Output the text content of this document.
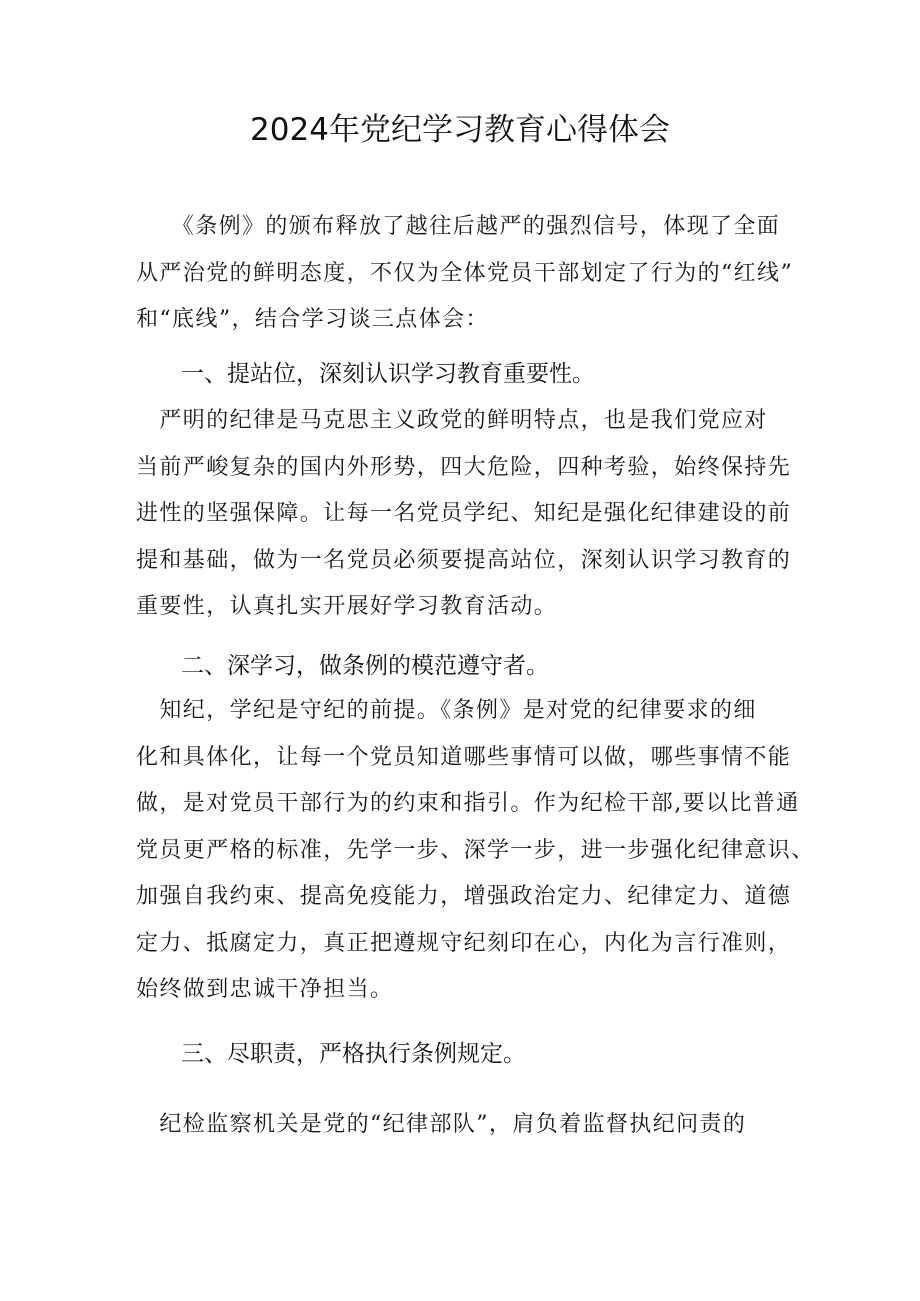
2024年党纪学习教育心得体会
　　《条例》的颁布释放了越往后越严的强烈信号，体现了全面
从严治党的鲜明态度，不仅为全体党员干部划定了行为的“红线”
和“底线”，结合学习谈三点体会：
一、提站位，深刻认识学习教育重要性。
　严明的纪律是马克思主义政党的鲜明特点，也是我们党应对
当前严峻复杂的国内外形势，四大危险，四种考验，始终保持先
进性的坚强保障。让每一名党员学纪、知纪是强化纪律建设的前
提和基础，做为一名党员必须要提高站位，深刻认识学习教育的
重要性，认真扎实开展好学习教育活动。
二、深学习，做条例的模范遵守者。
　知纪，学纪是守纪的前提。《条例》是对党的纪律要求的细
化和具体化，让每一个党员知道哪些事情可以做，哪些事情不能
做，是对党员干部行为的约束和指引。作为纪检干部,要以比普通
党员更严格的标准，先学一步、深学一步，进一步强化纪律意识、
加强自我约束、提高免疫能力，增强政治定力、纪律定力、道德
定力、抵腐定力，真正把遵规守纪刻印在心，内化为言行准则，
始终做到忠诚干净担当。
三、尽职责，严格执行条例规定。
　纪检监察机关是党的“纪律部队”，肩负着监督执纪问责的
